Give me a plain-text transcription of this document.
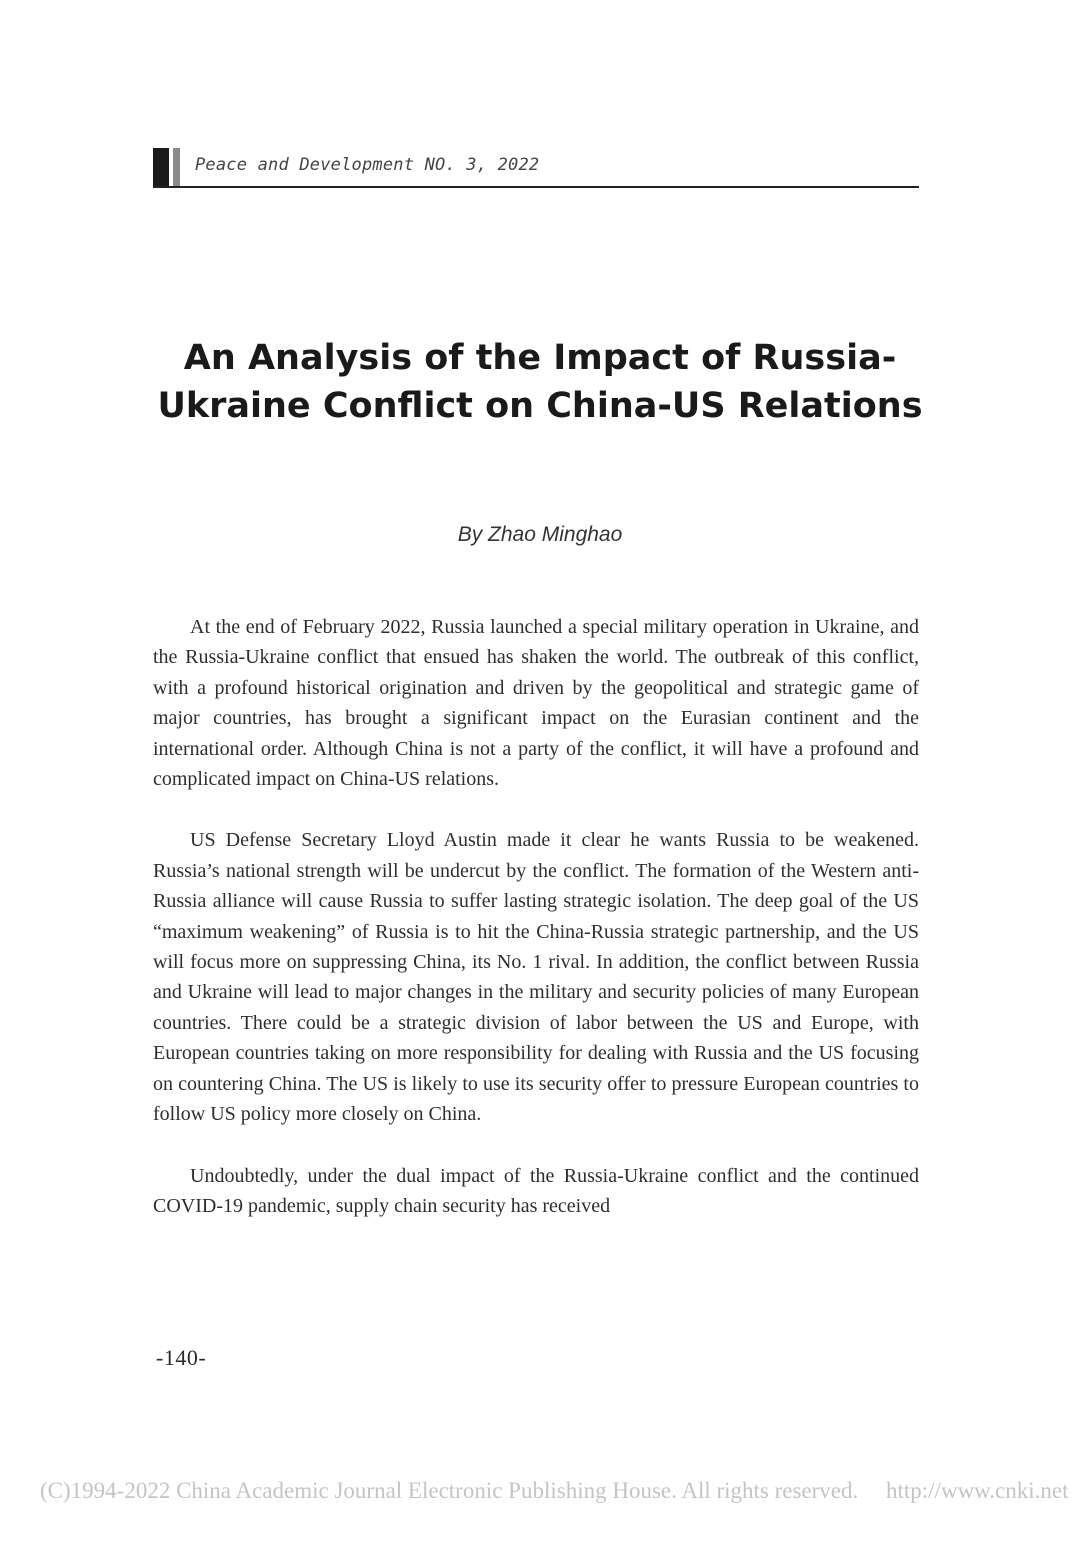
Peace and Development NO. 3, 2022
An Analysis of the Impact of Russia-Ukraine Conflict on China-US Relations

By Zhao Minghao

At the end of February 2022, Russia launched a special military operation in Ukraine, and the Russia-Ukraine conflict that ensued has shaken the world. The outbreak of this conflict, with a profound historical origination and driven by the geopolitical and strategic game of major countries, has brought a significant impact on the Eurasian continent and the international order. Although China is not a party of the conflict, it will have a profound and complicated impact on China-US relations.

US Defense Secretary Lloyd Austin made it clear he wants Russia to be weakened. Russia’s national strength will be undercut by the conflict. The formation of the Western anti-Russia alliance will cause Russia to suffer lasting strategic isolation. The deep goal of the US “maximum weakening” of Russia is to hit the China-Russia strategic partnership, and the US will focus more on suppressing China, its No. 1 rival. In addition, the conflict between Russia and Ukraine will lead to major changes in the military and security policies of many European countries. There could be a strategic division of labor between the US and Europe, with European countries taking on more responsibility for dealing with Russia and the US focusing on countering China. The US is likely to use its security offer to pressure European countries to follow US policy more closely on China.

Undoubtedly, under the dual impact of the Russia-Ukraine conflict and the continued COVID-19 pandemic, supply chain security has received

-140-
(C)1994-2022 China Academic Journal Electronic Publishing House. All rights reserved. http://www.cnki.net
